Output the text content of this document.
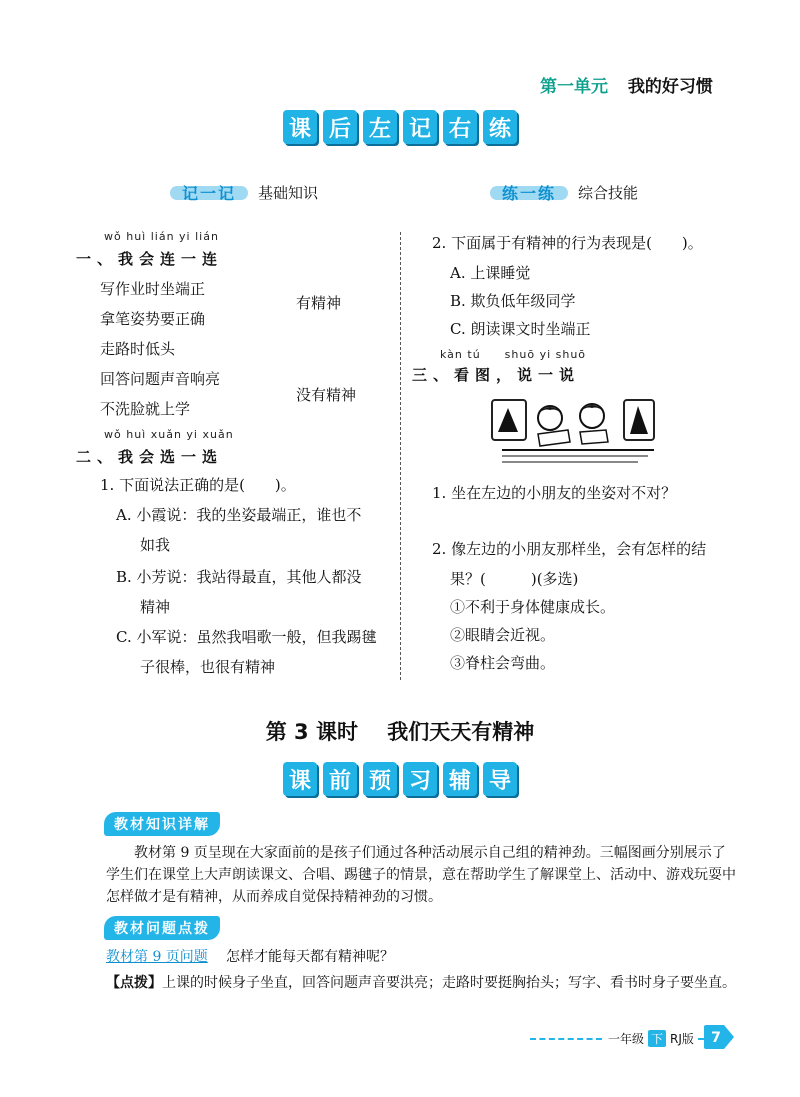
第一单元 我的好习惯
课 后 左 记 右 练
记一记 基础知识	练一练 综合技能
wǒ huì lián yi lián
一、我会连一连
写作业时坐端正
拿笔姿势要正确
走路时低头
回答问题声音响亮
不洗脸就上学
有精神
没有精神
wǒ huì xuǎn yi xuǎn
二、我会选一选
1. 下面说法正确的是(　　)。
A. 小霞说：我的坐姿最端正，谁也不
如我
B. 小芳说：我站得最直，其他人都没
精神
C. 小军说：虽然我唱歌一般，但我踢毽
子很棒，也很有精神
2. 下面属于有精神的行为表现是(　　)。
A. 上课睡觉
B. 欺负低年级同学
C. 朗读课文时坐端正
kàn tú　　shuō yi shuō
三、看图，说一说
1. 坐在左边的小朋友的坐姿对不对？
2. 像左边的小朋友那样坐，会有怎样的结
果？(　　　)(多选)
①不利于身体健康成长。
②眼睛会近视。
③脊柱会弯曲。
第 3 课时 我们天天有精神
课 前 预 习 辅 导
教材知识详解
教材第 9 页呈现在大家面前的是孩子们通过各种活动展示自己组的精神劲。三幅图画分别展示了学生们在课堂上大声朗读课文、合唱、踢毽子的情景，意在帮助学生了解课堂上、活动中、游戏玩耍中怎样做才是有精神，从而养成自觉保持精神劲的习惯。
教材问题点拨
教材第 9 页问题 怎样才能每天都有精神呢？
【点拨】上课的时候身子坐直，回答问题声音要洪亮；走路时要挺胸抬头；写字、看书时身子要坐直。
一年级 下 RJ版 7
